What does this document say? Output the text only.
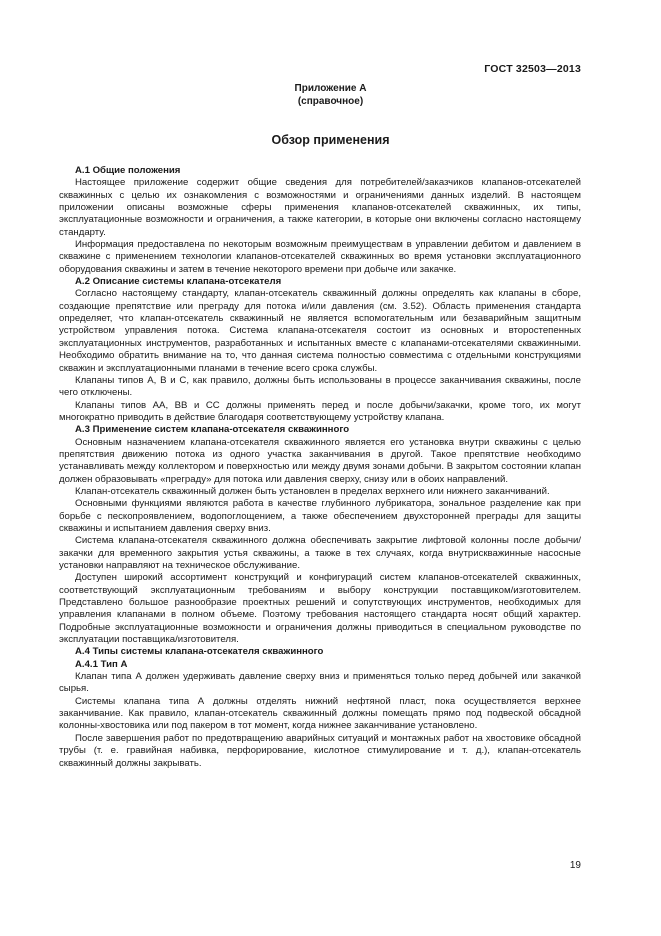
ГОСТ 32503—2013
Приложение А
(справочное)
Обзор применения
А.1 Общие положения

Настоящее приложение содержит общие сведения для потребителей/заказчиков клапанов-отсекателей скважинных с целью их ознакомления с возможностями и ограничениями данных изделий. В настоящем приложении описаны возможные сферы применения клапанов-отсекателей скважинных, их типы, эксплуатационные возможности и ограничения, а также категории, в которые они включены согласно настоящему стандарту.

Информация предоставлена по некоторым возможным преимуществам в управлении дебитом и давлением в скважине с применением технологии клапанов-отсекателей скважинных во время установки эксплуатационного оборудования скважины и затем в течение некоторого времени при добыче или закачке.

А.2 Описание системы клапана-отсекателя

Согласно настоящему стандарту, клапан-отсекатель скважинный должны определять как клапаны в сборе, создающие препятствие или преграду для потока и/или давления (см. 3.52). Область применения стандарта определяет, что клапан-отсекатель скважинный не является вспомогательным или безаварийным защитным устройством управления потока. Система клапана-отсекателя состоит из основных и второстепенных эксплуатационных инструментов, разработанных и испытанных вместе с клапанами-отсекателями скважинными. Необходимо обратить внимание на то, что данная система полностью совместима с отдельными конструкциями скважин и эксплуатационными планами в течение всего срока службы.

Клапаны типов А, В и С, как правило, должны быть использованы в процессе заканчивания скважины, после чего отключены.

Клапаны типов АА, ВВ и СС должны применять перед и после добычи/закачки, кроме того, их могут многократно приводить в действие благодаря соответствующему устройству клапана.

А.3 Применение систем клапана-отсекателя скважинного

Основным назначением клапана-отсекателя скважинного является его установка внутри скважины с целью препятствия движению потока из одного участка заканчивания в другой. Такое препятствие необходимо устанавливать между коллектором и поверхностью или между двумя зонами добычи. В закрытом состоянии клапан должен образовывать «преграду» для потока или давления сверху, снизу или в обоих направлений.

Клапан-отсекатель скважинный должен быть установлен в пределах верхнего или нижнего заканчиваний.

Основными функциями являются работа в качестве глубинного лубрикатора, зональное разделение как при борьбе с пескопроявлением, водопоглощением, а также обеспечением двухсторонней преграды для защиты скважины и испытанием давления сверху вниз.

Система клапана-отсекателя скважинного должна обеспечивать закрытие лифтовой колонны после добычи/закачки для временного закрытия устья скважины, а также в тех случаях, когда внутрискважинные насосные установки направляют на техническое обслуживание.

Доступен широкий ассортимент конструкций и конфигураций систем клапанов-отсекателей скважинных, соответствующий эксплуатационным требованиям и выбору конструкции поставщиком/изготовителем. Представлено большое разнообразие проектных решений и сопутствующих инструментов, необходимых для управления клапанами в полном объеме. Поэтому требования настоящего стандарта носят общий характер. Подробные эксплуатационные возможности и ограничения должны приводиться в специальном руководстве по эксплуатации поставщика/изготовителя.

А.4 Типы системы клапана-отсекателя скважинного
А.4.1 Тип А

Клапан типа А должен удерживать давление сверху вниз и применяться только перед добычей или закачкой сырья.

Системы клапана типа А должны отделять нижний нефтяной пласт, пока осуществляется верхнее заканчивание. Как правило, клапан-отсекатель скважинный должны помещать прямо под подвеской обсадной колонны-хвостовика или под пакером в тот момент, когда нижнее заканчивание установлено.

После завершения работ по предотвращению аварийных ситуаций и монтажных работ на хвостовике обсадной трубы (т. е. гравийная набивка, перфорирование, кислотное стимулирование и т. д.), клапан-отсекатель скважинный должны закрывать.

19
